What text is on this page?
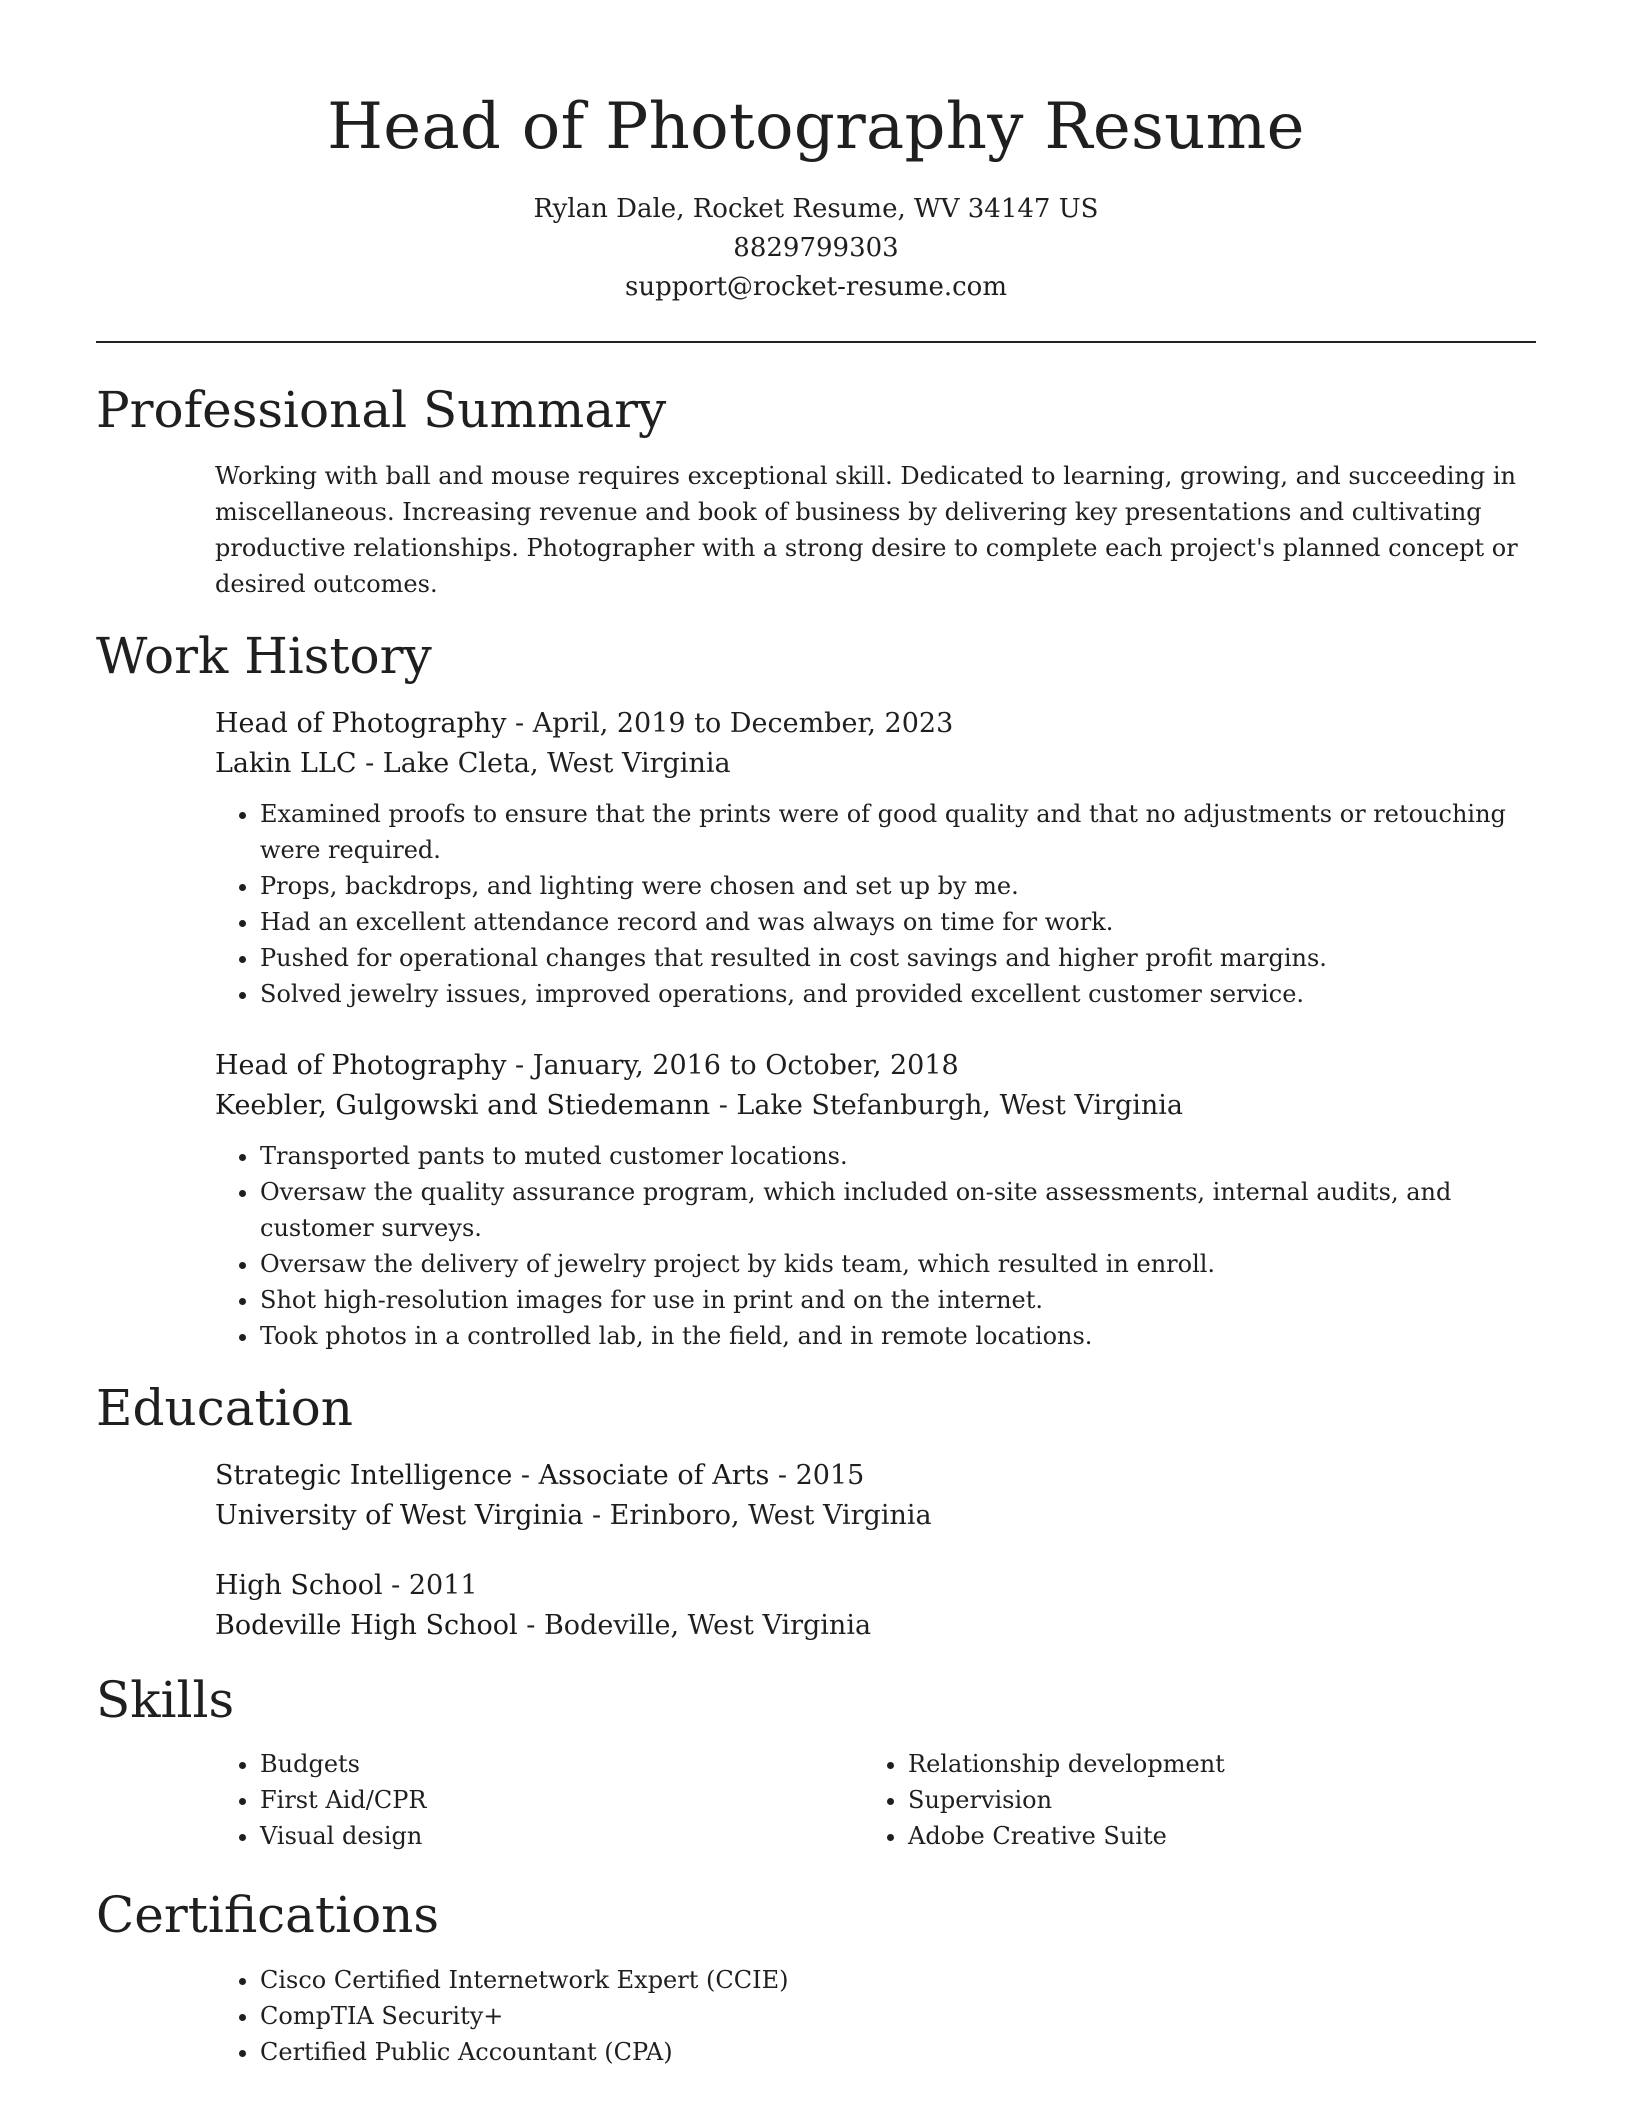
Head of Photography Resume
Rylan Dale, Rocket Resume, WV 34147 US
8829799303
support@rocket-resume.com
Professional Summary

Working with ball and mouse requires exceptional skill. Dedicated to learning, growing, and succeeding in miscellaneous. Increasing revenue and book of business by delivering key presentations and cultivating productive relationships. Photographer with a strong desire to complete each project's planned concept or desired outcomes.

Work History
Head of Photography - April, 2019 to December, 2023
Lakin LLC - Lake Cleta, West Virginia
• Examined proofs to ensure that the prints were of good quality and that no adjustments or retouching were required.
• Props, backdrops, and lighting were chosen and set up by me.
• Had an excellent attendance record and was always on time for work.
• Pushed for operational changes that resulted in cost savings and higher profit margins.
• Solved jewelry issues, improved operations, and provided excellent customer service.
Head of Photography - January, 2016 to October, 2018
Keebler, Gulgowski and Stiedemann - Lake Stefanburgh, West Virginia
• Transported pants to muted customer locations.
• Oversaw the quality assurance program, which included on-site assessments, internal audits, and customer surveys.
• Oversaw the delivery of jewelry project by kids team, which resulted in enroll.
• Shot high-resolution images for use in print and on the internet.
• Took photos in a controlled lab, in the field, and in remote locations.
Education
Strategic Intelligence - Associate of Arts - 2015
University of West Virginia - Erinboro, West Virginia
High School - 2011
Bodeville High School - Bodeville, West Virginia
Skills
• Budgets
• First Aid/CPR
• Visual design
• Relationship development
• Supervision
• Adobe Creative Suite
Certifications
• Cisco Certified Internetwork Expert (CCIE)
• CompTIA Security+
• Certified Public Accountant (CPA)
